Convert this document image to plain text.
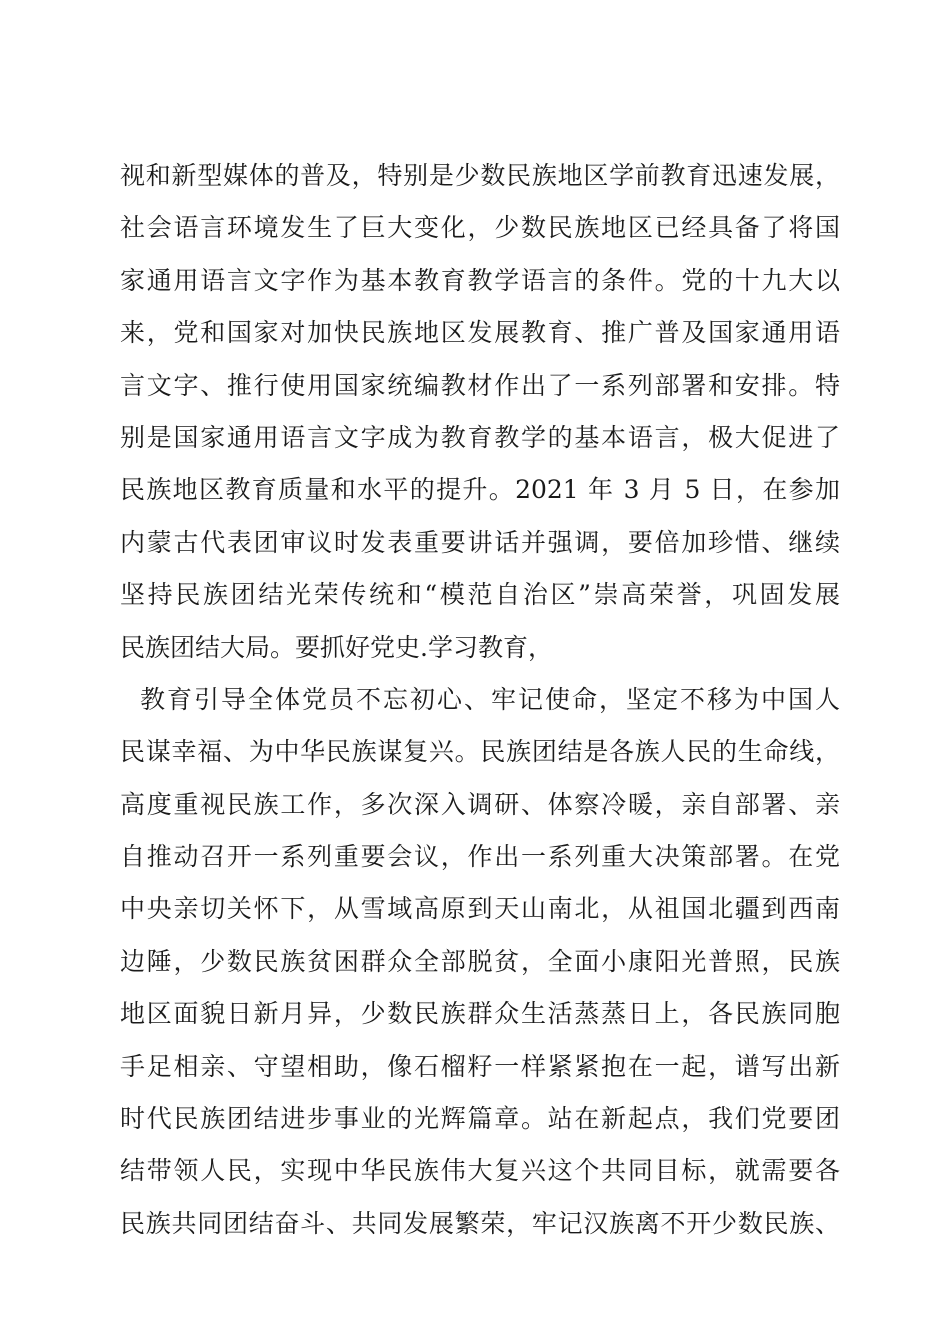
视和新型媒体的普及，特别是少数民族地区学前教育迅速发展，
社会语言环境发生了巨大变化，少数民族地区已经具备了将国
家通用语言文字作为基本教育教学语言的条件。党的十九大以
来，党和国家对加快民族地区发展教育、推广普及国家通用语
言文字、推行使用国家统编教材作出了一系列部署和安排。特
别是国家通用语言文字成为教育教学的基本语言，极大促进了
民族地区教育质量和水平的提升。2021 年 3 月 5 日，在参加
内蒙古代表团审议时发表重要讲话并强调，要倍加珍惜、继续
坚持民族团结光荣传统和“模范自治区”崇高荣誉，巩固发展
民族团结大局。要抓好党史.学习教育，
教育引导全体党员不忘初心、牢记使命，坚定不移为中国人
民谋幸福、为中华民族谋复兴。民族团结是各族人民的生命线，
高度重视民族工作，多次深入调研、体察冷暖，亲自部署、亲
自推动召开一系列重要会议，作出一系列重大决策部署。在党
中央亲切关怀下，从雪域高原到天山南北，从祖国北疆到西南
边陲，少数民族贫困群众全部脱贫，全面小康阳光普照，民族
地区面貌日新月异，少数民族群众生活蒸蒸日上，各民族同胞
手足相亲、守望相助，像石榴籽一样紧紧抱在一起，谱写出新
时代民族团结进步事业的光辉篇章。站在新起点，我们党要团
结带领人民，实现中华民族伟大复兴这个共同目标，就需要各
民族共同团结奋斗、共同发展繁荣，牢记汉族离不开少数民族、
